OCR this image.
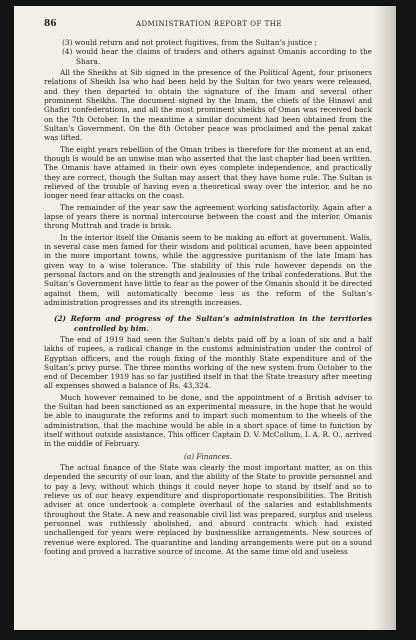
86	ADMINISTRATION REPORT OF THE

(3) would return and not protect fugitives, from the Sultan’s justice ;

(4) would hear the claims of traders and others against Omanis according to the Shara.

All the Sheikhs at Sib signed in the presence of the Political Agent, four prisoners relations of Sheikh Isa who had been held by the Sultan for two years were released, and they then departed to obtain the signature of the Imam and several other prominent Sheikhs. The document signed by the Imam, the chiefs of the Hinawi and Ghafiri confederations, and all the most prominent sheikhs of Oman was received back on the 7th October. In the meantime a similar document had been obtained from the Sultan’s Government. On the 8th October peace was proclaimed and the penal zakat was lifted.

The eight years rebellion of the Oman tribes is therefore for the moment at an end, though is would be an unwise man who asserted that the last chapter had been written. The Omanis have attained in their own eyes complete independence, and practically they are correct, though the Sultan may assert that they have home rule. The Sultan is relieved of the trouble of having even a theoretical sway over the interior, and he no longer need fear attacks on the coast.

The remainder of the year saw the agreement working satisfactorily. Again after a lapse of years there is normal intercourse between the coast and the interior, Omanis throng Muttrah and trade is brisk.

In the interior itself the Omanis seem to be making an effort at government. Walis, in several case men famed for their wisdom and political acumen, have been appointed in the more important towns, while the aggressive puritanism of the late Imam has given way to a wise tolerance. The stability of this rule however depends on the personal factors and on the strength and jealousies of the tribal confederations. But the Sultan’s Government have little to fear as the power of the Omanis should it be directed against them, will automatically become less as the reform of the Sultan’s administration progresses and its strength increases.

(2) Reform and progress of the Sultan’s administration in the territories controlled by him.

The end of 1919 had seen the Sultan’s debts paid off by a loan of six and a half lakhs of rupees, a radical change in the customs administration under the control of Egyptian officers, and the rough fixing of the monthly State expenditure and of the Sultan’s privy purse. The three months working of the new system from October to the end of December 1919 has so far justified itself in that the State treasury after meeting all expenses showed a balance of Rs. 43,324.

Much however remained to be done, and the appointment of a British adviser to the Sultan had been sanctioned as an experimental measure, in the hope that he would be able to inaugurate the reforms and to impart such momentum to the wheels of the administration, that the machine would be able in a short space of time to function by itself without outside assistance. This officer Captain D. V. McCollum, I. A. R. O., arrived in the middle of February.

(a) Finances.

The actual finance of the State was clearly the most important matter, as on this depended the security of our loan, and the ability of the State to provide personnel and to pay a levy, without which things it could never hope to stand by itself and so to relieve us of our heavy expenditure and disproportionate responsibilities. The British adviser at once undertook a complete overhaul of the salaries and establishments throughout the State. A new and reasonable civil list was prepared, surplus and useless personnel was ruthlessly abolished, and absurd contracts which had existed unchallenged for years were replaced by businesslike arrangements. New sources of revenue were explored. The quarantine and landing arrangements were put on a sound footing and proved a lucrative source of income. At the same time old and useless
